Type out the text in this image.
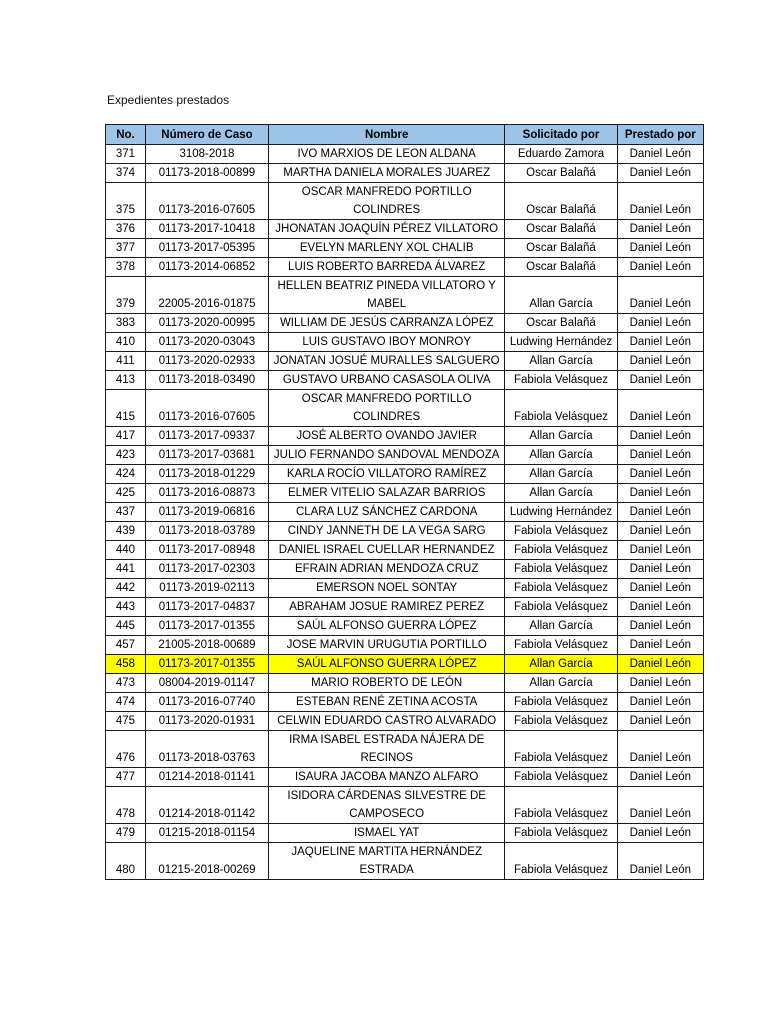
Expedientes prestados
No.	Número de Caso	Nombre	Solicitado por	Prestado por
371	3108-2018	IVO MARXIOS DE LEON ALDANA	Eduardo Zamora	Daniel León
374	01173-2018-00899	MARTHA DANIELA MORALES JUAREZ	Oscar Balañá	Daniel León
375	01173-2016-07605	OSCAR MANFREDO PORTILLO COLINDRES	Oscar Balañá	Daniel León
376	01173-2017-10418	JHONATAN JOAQUÍN PÉREZ VILLATORO	Oscar Balañá	Daniel León
377	01173-2017-05395	EVELYN MARLENY XOL CHALIB	Oscar Balañá	Daniel León
378	01173-2014-06852	LUIS ROBERTO BARREDA ÁLVAREZ	Oscar Balañá	Daniel León
379	22005-2016-01875	HELLEN BEATRIZ PINEDA VILLATORO Y MABEL	Allan García	Daniel León
383	01173-2020-00995	WILLIAM DE JESÚS CARRANZA LÓPEZ	Oscar Balañá	Daniel León
410	01173-2020-03043	LUIS GUSTAVO IBOY MONROY	Ludwing Hernández	Daniel León
411	01173-2020-02933	JONATAN JOSUÉ MURALLES SALGUERO	Allan García	Daniel León
413	01173-2018-03490	GUSTAVO URBANO CASASOLA OLIVA	Fabiola Velásquez	Daniel León
415	01173-2016-07605	OSCAR MANFREDO PORTILLO COLINDRES	Fabiola Velásquez	Daniel León
417	01173-2017-09337	JOSÉ ALBERTO OVANDO JAVIER	Allan García	Daniel León
423	01173-2017-03681	JULIO FERNANDO SANDOVAL MENDOZA	Allan García	Daniel León
424	01173-2018-01229	KARLA ROCÍO VILLATORO RAMÍREZ	Allan García	Daniel León
425	01173-2016-08873	ELMER VITELIO SALAZAR BARRIOS	Allan García	Daniel León
437	01173-2019-06816	CLARA LUZ SÁNCHEZ CARDONA	Ludwing Hernández	Daniel León
439	01173-2018-03789	CINDY JANNETH DE LA VEGA SARG	Fabiola Velásquez	Daniel León
440	01173-2017-08948	DANIEL ISRAEL CUELLAR HERNANDEZ	Fabiola Velásquez	Daniel León
441	01173-2017-02303	EFRAIN ADRIAN MENDOZA CRUZ	Fabiola Velásquez	Daniel León
442	01173-2019-02113	EMERSON NOEL SONTAY	Fabiola Velásquez	Daniel León
443	01173-2017-04837	ABRAHAM JOSUE RAMIREZ PEREZ	Fabiola Velásquez	Daniel León
445	01173-2017-01355	SAÚL ALFONSO GUERRA LÓPEZ	Allan García	Daniel León
457	21005-2018-00689	JOSE MARVIN URUGUTIA PORTILLO	Fabiola Velásquez	Daniel León
458	01173-2017-01355	SAÚL ALFONSO GUERRA LÓPEZ	Allan García	Daniel León
473	08004-2019-01147	MARIO ROBERTO DE LEÓN	Allan García	Daniel León
474	01173-2016-07740	ESTEBAN RENÉ ZETINA ACOSTA	Fabiola Velásquez	Daniel León
475	01173-2020-01931	CELWIN EDUARDO CASTRO ALVARADO	Fabiola Velásquez	Daniel León
476	01173-2018-03763	IRMA ISABEL ESTRADA NÁJERA DE RECINOS	Fabiola Velásquez	Daniel León
477	01214-2018-01141	ISAURA JACOBA MANZO ALFARO	Fabiola Velásquez	Daniel León
478	01214-2018-01142	ISIDORA CÁRDENAS SILVESTRE DE CAMPOSECO	Fabiola Velásquez	Daniel León
479	01215-2018-01154	ISMAEL YAT	Fabiola Velásquez	Daniel León
480	01215-2018-00269	JAQUELINE MARTITA HERNÁNDEZ ESTRADA	Fabiola Velásquez	Daniel León
